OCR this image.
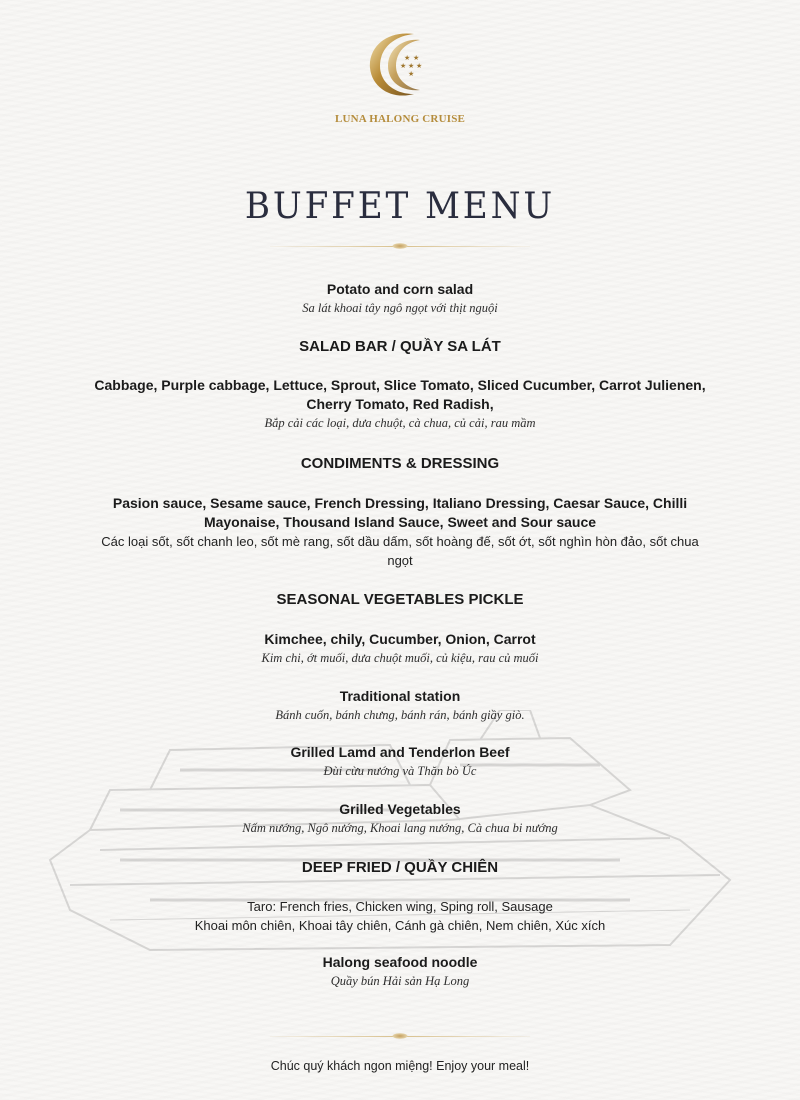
★ ★
★ ★ ★
★
LUNA HALONG CRUISE
BUFFET MENU
Potato and corn salad
Sa lát khoai tây ngô ngọt với thịt nguội
SALAD BAR / QUẦY SA LÁT
Cabbage, Purple cabbage, Lettuce, Sprout, Slice Tomato, Sliced Cucumber, Carrot Julienen,
Cherry Tomato, Red Radish,
Bắp cải các loại, dưa chuột, cà chua, củ cải, rau mầm
CONDIMENTS & DRESSING
Pasion sauce, Sesame sauce, French Dressing, Italiano Dressing, Caesar Sauce, Chilli
Mayonaise, Thousand Island Sauce, Sweet and Sour sauce
Các loại sốt, sốt chanh leo, sốt mè rang, sốt dầu dấm, sốt hoàng đế, sốt ớt, sốt nghìn hòn đảo, sốt chua
ngọt
SEASONAL VEGETABLES PICKLE
Kimchee, chily, Cucumber, Onion, Carrot
Kim chi, ớt muối, dưa chuột muối, củ kiệu, rau củ muối
Traditional station
Bánh cuốn, bánh chưng, bánh rán, bánh giầy giò.
Grilled Lamd and Tenderlon Beef
Đùi cừu nướng và Thăn bò Úc
Grilled Vegetables
Nấm nướng, Ngô nướng, Khoai lang nướng, Cà chua bi nướng
DEEP FRIED / QUẦY CHIÊN
Taro: French fries, Chicken wing, Sping roll, Sausage
Khoai môn chiên, Khoai tây chiên, Cánh gà chiên, Nem chiên, Xúc xích
Halong seafood noodle
Quầy bún Hải sản Hạ Long
Chúc quý khách ngon miệng! Enjoy your meal!
